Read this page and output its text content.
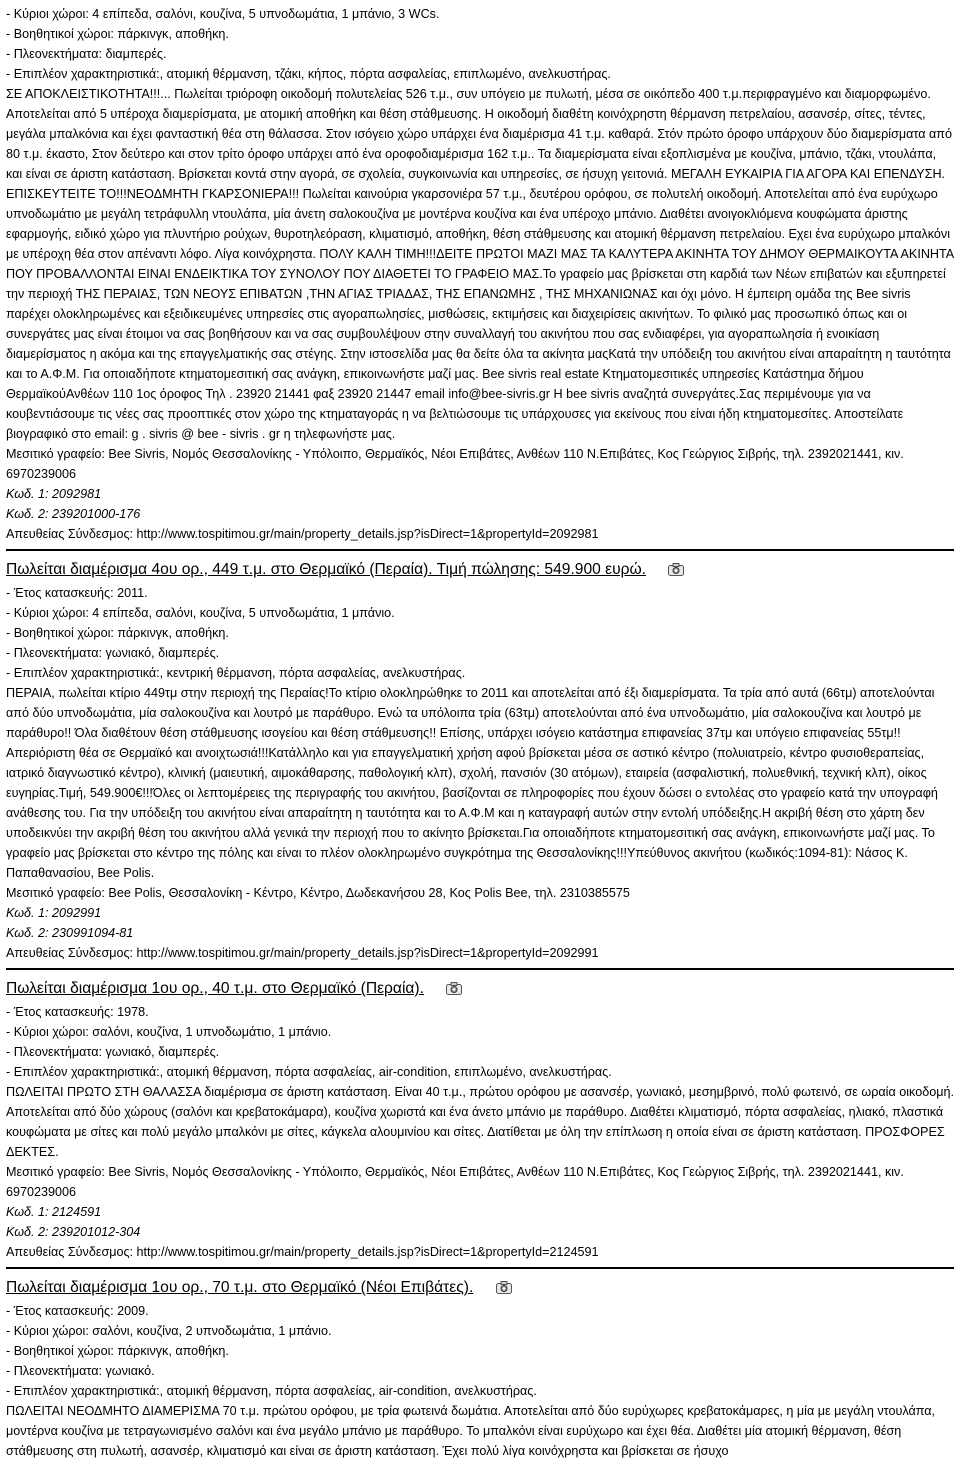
- Κύριοι χώροι: 4 επίπεδα, σαλόνι, κουζίνα, 5 υπνοδωμάτια, 1 μπάνιο, 3 WCs.
- Βοηθητικοί χώροι: πάρκινγκ, αποθήκη.
- Πλεονεκτήματα: διαμπερές.
- Επιπλέον χαρακτηριστικά:, ατομική θέρμανση, τζάκι, κήπος, πόρτα ασφαλείας, επιπλωμένο, ανελκυστήρας.
ΣΕ ΑΠΟΚΛΕΙΣΤΙΚΟΤΗΤΑ!!!... Πωλείται τριόροφη οικοδομή πολυτελείας 526 τ.μ., συν υπόγειο με πυλωτή, μέσα σε οικόπεδο 400 τ.μ.περιφραγμένο και διαμορφωμένο. Αποτελείται από 5 υπέροχα διαμερίσματα, με ατομική αποθήκη και θέση στάθμευσης. Η οικοδομή διαθέτη κοινόχρηστη θέρμανση πετρελαίου, ασανσέρ, σίτες, τέντες, μεγάλα μπαλκόνια και έχει φανταστική θέα στη θάλασσα. Στον ισόγειο χώρο υπάρχει ένα διαμέρισμα 41 τ.μ. καθαρά. Στόν πρώτο όροφο υπάρχουν δύο διαμερίσματα από 80 τ.μ. έκαστο, Στον δεύτερο και στον τρίτο όροφο υπάρχει από ένα οροφοδιαμέρισμα 162 τ.μ.. Τα διαμερίσματα είναι εξοπλισμένα με κουζίνα, μπάνιο, τζάκι, ντουλάπα, και είναι σε άριστη κατάσταση. Βρίσκεται κοντά στην αγορά, σε σχολεία, συγκοινωνία και υπηρεσίες, σε ήσυχη γειτονιά. ΜΕΓΑΛΗ ΕΥΚΑΙΡΙΑ ΓΙΑ ΑΓΟΡΑ ΚΑΙ ΕΠΕΝΔΥΣΗ. ΕΠΙΣΚΕΥΤΕΙΤΕ ΤΟ!!!ΝΕΟΔΜΗΤΗ ΓΚΑΡΣΟΝΙΕΡΑ!!! Πωλείται καινούρια γκαρσονιέρα 57 τ.μ., δευτέρου ορόφου, σε πολυτελή οικοδομή. Αποτελείται από ένα ευρύχωρο υπνοδωμάτιο με μεγάλη τετράφυλλη ντουλάπα, μία άνετη σαλοκουζίνα με μοντέρνα κουζίνα και ένα υπέροχο μπάνιο. Διαθέτει ανοιγοκλιόμενα κουφώματα άριστης εφαρμογής, ειδικό χώρο για πλυντήριο ρούχων, θυροτηλεόραση, κλιματισμό, αποθήκη, θέση στάθμευσης και ατομική θέρμανση πετρελαίου. Εχει ένα ευρύχωρο μπαλκόνι με υπέροχη θέα στον απέναντι λόφο. Λίγα κοινόχρηστα. ΠΟΛΥ ΚΑΛΗ ΤΙΜΗ!!!ΔΕΙΤΕ ΠΡΩΤΟΙ ΜΑΖΙ ΜΑΣ ΤΑ ΚΑΛΥΤΕΡΑ ΑΚΙΝΗΤΑ ΤΟΥ ΔΗΜΟΥ ΘΕΡΜΑΙΚΟΥΤΑ ΑΚΙΝΗΤΑ ΠΟΥ ΠΡΟΒΑΛΛΟΝΤΑΙ ΕΙΝΑΙ ΕΝΔΕΙΚΤΙΚΑ ΤΟΥ ΣΥΝΟΛΟΥ ΠΟΥ ΔΙΑΘΕΤΕΙ ΤΟ ΓΡΑΦΕΙΟ ΜΑΣ.Το γραφείο μας βρίσκεται στη καρδιά των Νέων επιβατών και εξυπηρετεί την περιοχή ΤΗΣ ΠΕΡΑΙΑΣ, ΤΩΝ ΝΕΟΥΣ ΕΠΙΒΑΤΩΝ ,ΤΗΝ ΑΓΙΑΣ ΤΡΙΑΔΑΣ, ΤΗΣ ΕΠΑΝΩΜΗΣ , ΤΗΣ ΜΗΧΑΝΙΩΝΑΣ και όχι μόνο. Η έμπειρη ομάδα της Bee sivris παρέχει ολοκληρωμένες και εξειδικευμένες υπηρεσίες στις αγοραπωλησίες, μισθώσεις, εκτιμήσεις και διαχειρίσεις ακινήτων. Το φιλικό μας προσωπικό όπως και οι συνεργάτες μας είναι έτοιμοι να σας βοηθήσουν και να σας συμβουλέψουν στην συναλλαγή του ακινήτου που σας ενδιαφέρει, για αγοραπωλησία ή ενοικίαση διαμερίσματος η ακόμα και της επαγγελματικής σας στέγης. Στην ιστοσελίδα μας θα δείτε όλα τα ακίνητα μαςΚατά την υπόδειξη του ακινήτου είναι απαραίτητη η ταυτότητα και το Α.Φ.Μ. Για οποιαδήποτε κτηματομεσιτική σας ανάγκη, επικοινωνήστε μαζί μας. Bee sivris real estate Κτηματομεσιτικές υπηρεσίες Κατάστημα δήμου ΘερμαϊκούΑνθέων 110 1ος όροφος Τηλ . 23920 21441 φαξ 23920 21447 email info@bee-sivris.gr H bee sivris αναζητά συνεργάτες.Σας περιμένουμε για να κουβεντιάσουμε τις νέες σας προοπτικές στον χώρο της κτηματαγοράς η να βελτιώσουμε τις υπάρχουσες για εκείνους που είναι ήδη κτηματομεσίτες. Αποστείλατε βιογραφικό στο email: g . sivris @ bee - sivris . gr η τηλεφωνήστε μας.
Μεσιτικό γραφείο: Bee Sivris, Νομός Θεσσαλονίκης - Υπόλοιπο, Θερμαϊκός, Νέοι Επιβάτες, Ανθέων 110 Ν.Επιβάτες, Κος Γεώργιος Σιβρής, τηλ. 2392021441, κιν. 6970239006
Κωδ. 1: 2092981
Κωδ. 2: 239201000-176
Απευθείας Σύνδεσμος: http://www.tospitimou.gr/main/property_details.jsp?isDirect=1&propertyId=2092981
Πωλείται διαμέρισμα 4ου ορ., 449 τ.μ. στο Θερμαϊκό (Περαία). Τιμή πώλησης: 549.900 ευρώ.
- Έτος κατασκευής: 2011.
- Κύριοι χώροι: 4 επίπεδα, σαλόνι, κουζίνα, 5 υπνοδωμάτια, 1 μπάνιο.
- Βοηθητικοί χώροι: πάρκινγκ, αποθήκη.
- Πλεονεκτήματα: γωνιακό, διαμπερές.
- Επιπλέον χαρακτηριστικά:, κεντρική θέρμανση, πόρτα ασφαλείας, ανελκυστήρας.
ΠΕΡΑΙΑ, πωλείται κτίριο 449τμ στην περιοχή της Περαίας!Το κτίριο ολοκληρώθηκε το 2011 και αποτελείται από έξι διαμερίσματα. Τα τρία από αυτά (66τμ) αποτελούνται από δύο υπνοδωμάτια, μία σαλοκουζίνα και λουτρό με παράθυρο. Ενώ τα υπόλοιπα τρία (63τμ) αποτελούνται από ένα υπνοδωμάτιο, μία σαλοκουζίνα και λουτρό με παράθυρο!! Όλα διαθέτουν θέση στάθμευσης ισογείου και θέση στάθμευσης!! Επίσης, υπάρχει ισόγειο κατάστημα επιφανείας 37τμ και υπόγειο επιφανείας 55τμ!! Απεριόριστη θέα σε Θερμαϊκό και ανοιχτωσιά!!!Κατάλληλο και για επαγγελματική χρήση αφού βρίσκεται μέσα σε αστικό κέντρο (πολυιατρείο, κέντρο φυσιοθεραπείας, ιατρικό διαγνωστικό κέντρο), κλινική (μαιευτική, αιμοκάθαρσης, παθολογική κλπ), σχολή, πανσιόν (30 ατόμων), εταιρεία (ασφαλιστική, πολυεθνική, τεχνική κλπ), οίκος ευγηρίας.Τιμή, 549.900€!!!Όλες οι λεπτομέρειες της περιγραφής του ακινήτου, βασίζονται σε πληροφορίες που έχουν δώσει ο εντολέας στο γραφείο κατά την υπογραφή ανάθεσης του. Για την υπόδειξη του ακινήτου είναι απαραίτητη η ταυτότητα και το Α.Φ.Μ και η καταγραφή αυτών στην εντολή υπόδειξης.Η ακριβή θέση στο χάρτη δεν υποδεικνύει την ακριβή θέση του ακινήτου αλλά γενικά την περιοχή που το ακίνητο βρίσκεται.Για οποιαδήποτε κτηματομεσιτική σας ανάγκη, επικοινωνήστε μαζί μας. Το γραφείο μας βρίσκεται στο κέντρο της πόλης και είναι το πλέον ολοκληρωμένο συγκρότημα της Θεσσαλονίκης!!!Υπεύθυνος ακινήτου (κωδικός:1094-81): Νάσος Κ. Παπαθανασίου, Bee Polis.
Μεσιτικό γραφείο: Bee Polis, Θεσσαλονίκη - Κέντρο, Κέντρο, Δωδεκανήσου 28, Κος Polis Bee, τηλ. 2310385575
Κωδ. 1: 2092991
Κωδ. 2: 230991094-81
Απευθείας Σύνδεσμος: http://www.tospitimou.gr/main/property_details.jsp?isDirect=1&propertyId=2092991
Πωλείται διαμέρισμα 1ου ορ., 40 τ.μ. στο Θερμαϊκό (Περαία).
- Έτος κατασκευής: 1978.
- Κύριοι χώροι: σαλόνι, κουζίνα, 1 υπνοδωμάτιο, 1 μπάνιο.
- Πλεονεκτήματα: γωνιακό, διαμπερές.
- Επιπλέον χαρακτηριστικά:, ατομική θέρμανση, πόρτα ασφαλείας, air-condition, επιπλωμένο, ανελκυστήρας.
ΠΩΛΕΙΤΑΙ ΠΡΩΤΟ ΣΤΗ ΘΑΛΑΣΣΑ διαμέρισμα σε άριστη κατάσταση. Είναι 40 τ.μ., πρώτου ορόφου με ασανσέρ, γωνιακό, μεσημβρινό, πολύ φωτεινό, σε ωραία οικοδομή. Αποτελείται από δύο χώρους (σαλόνι και κρεβατοκάμαρα), κουζίνα χωριστά και ένα άνετο μπάνιο με παράθυρο. Διαθέτει κλιματισμό, πόρτα ασφαλείας, ηλιακό, πλαστικά κουφώματα με σίτες και πολύ μεγάλο μπαλκόνι με σίτες, κάγκελα αλουμινίου και σίτες. Διατίθεται με όλη την επίπλωση η οποία είναι σε άριστη κατάσταση. ΠΡΟΣΦΟΡΕΣ ΔΕΚΤΕΣ.
Μεσιτικό γραφείο: Bee Sivris, Νομός Θεσσαλονίκης - Υπόλοιπο, Θερμαϊκός, Νέοι Επιβάτες, Ανθέων 110 Ν.Επιβάτες, Κος Γεώργιος Σιβρής, τηλ. 2392021441, κιν. 6970239006
Κωδ. 1: 2124591
Κωδ. 2: 239201012-304
Απευθείας Σύνδεσμος: http://www.tospitimou.gr/main/property_details.jsp?isDirect=1&propertyId=2124591
Πωλείται διαμέρισμα 1ου ορ., 70 τ.μ. στο Θερμαϊκό (Νέοι Επιβάτες).
- Έτος κατασκευής: 2009.
- Κύριοι χώροι: σαλόνι, κουζίνα, 2 υπνοδωμάτια, 1 μπάνιο.
- Βοηθητικοί χώροι: πάρκινγκ, αποθήκη.
- Πλεονεκτήματα: γωνιακό.
- Επιπλέον χαρακτηριστικά:, ατομική θέρμανση, πόρτα ασφαλείας, air-condition, ανελκυστήρας.
ΠΩΛΕΙΤΑΙ ΝΕΟΔΜΗΤΟ ΔΙΑΜΕΡΙΣΜΑ 70 τ.μ. πρώτου ορόφου, με τρία φωτεινά δωμάτια. Αποτελείται από δύο ευρύχωρες κρεβατοκάμαρες, η μία με μεγάλη ντουλάπα, μοντέρνα κουζίνα με τετραγωνισμένο σαλόνι και ένα μεγάλο μπάνιο με παράθυρο. Το μπαλκόνι είναι ευρύχωρο και έχει θέα. Διαθέτει μία ατομική θέρμανση, θέση στάθμευσης στη πυλωτή, ασανσέρ, κλιματισμό και είναι σε άριστη κατάσταση. Έχει πολύ λίγα κοινόχρηστα και βρίσκεται σε ήσυχο
